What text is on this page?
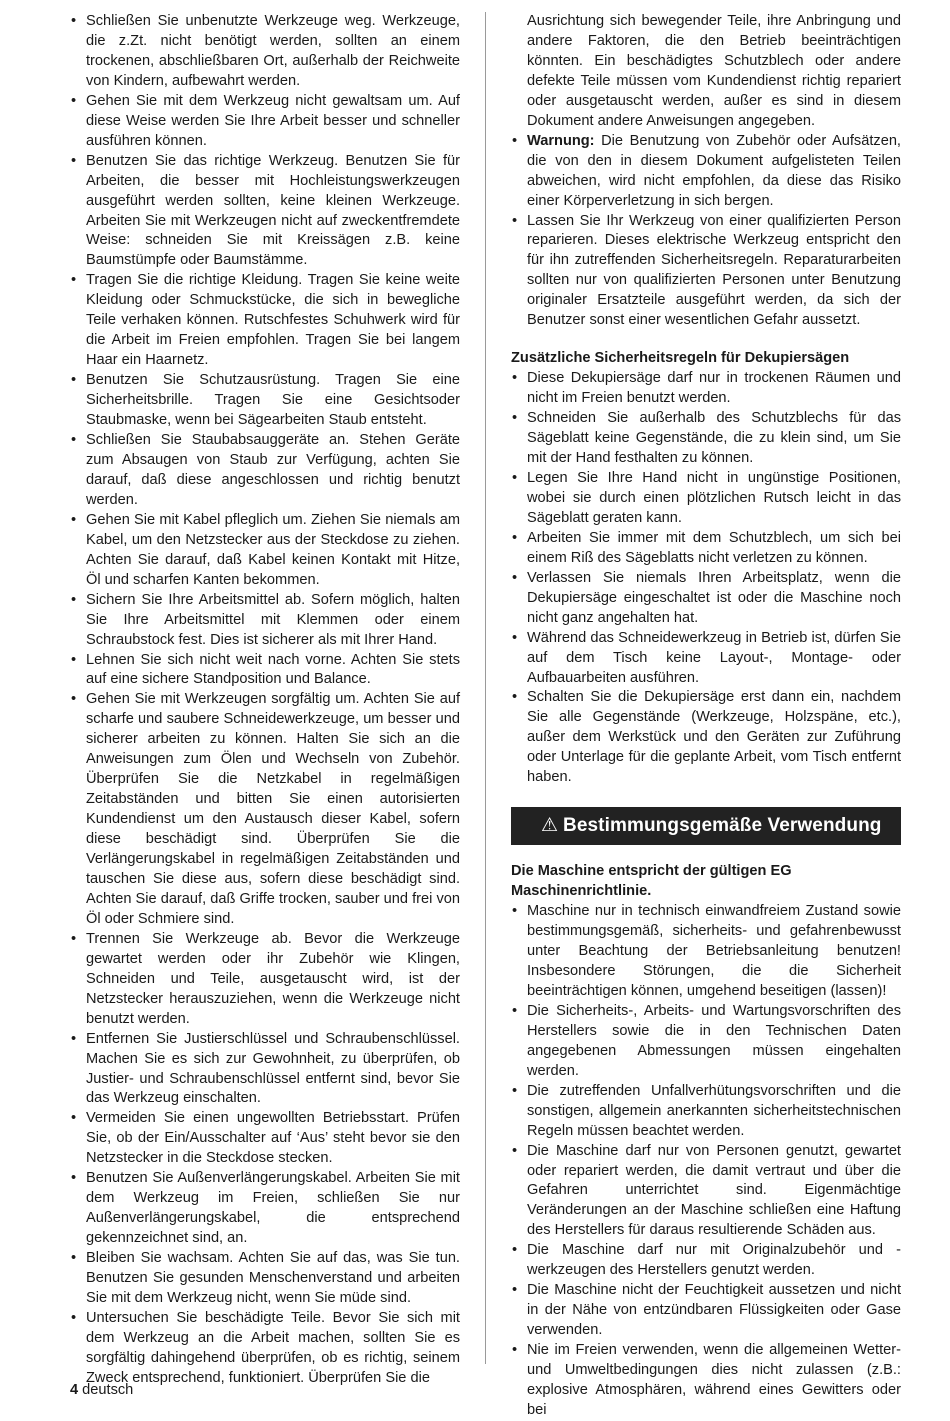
• Schließen Sie unbenutzte Werkzeuge weg. Werkzeuge, die z.Zt. nicht benötigt werden, sollten an einem trockenen, abschließbaren Ort, außerhalb der Reichweite von Kindern, aufbewahrt werden.
• Gehen Sie mit dem Werkzeug nicht gewaltsam um. Auf diese Weise werden Sie Ihre Arbeit besser und schneller ausführen können.
• Benutzen Sie das richtige Werkzeug. Benutzen Sie für Arbeiten, die besser mit Hochleistungswerkzeugen ausgeführt werden sollten, keine kleinen Werkzeuge. Arbeiten Sie mit Werkzeugen nicht auf zweckentfremdete Weise: schneiden Sie mit Kreissägen z.B. keine Baumstümpfe oder Baumstämme.
• Tragen Sie die richtige Kleidung. Tragen Sie keine weite Kleidung oder Schmuckstücke, die sich in bewegliche Teile verhaken können. Rutschfestes Schuhwerk wird für die Arbeit im Freien empfohlen. Tragen Sie bei langem Haar ein Haarnetz.
• Benutzen Sie Schutzausrüstung. Tragen Sie eine Sicherheitsbrille. Tragen Sie eine Gesichtsoder Staubmaske, wenn bei Sägearbeiten Staub entsteht.
• Schließen Sie Staubabsauggeräte an. Stehen Geräte zum Absaugen von Staub zur Verfügung, achten Sie darauf, daß diese angeschlossen und richtig benutzt werden.
• Gehen Sie mit Kabel pfleglich um. Ziehen Sie niemals am Kabel, um den Netzstecker aus der Steckdose zu ziehen. Achten Sie darauf, daß Kabel keinen Kontakt mit Hitze, Öl und scharfen Kanten bekommen.
• Sichern Sie Ihre Arbeitsmittel ab. Sofern möglich, halten Sie Ihre Arbeitsmittel mit Klemmen oder einem Schraubstock fest. Dies ist sicherer als mit Ihrer Hand.
• Lehnen Sie sich nicht weit nach vorne. Achten Sie stets auf eine sichere Standposition und Balance.
• Gehen Sie mit Werkzeugen sorgfältig um. Achten Sie auf scharfe und saubere Schneidewerkzeuge, um besser und sicherer arbeiten zu können. Halten Sie sich an die Anweisungen zum Ölen und Wechseln von Zubehör. Überprüfen Sie die Netzkabel in regelmäßigen Zeitabständen und bitten Sie einen autorisierten Kundendienst um den Austausch dieser Kabel, sofern diese beschädigt sind. Überprüfen Sie die Verlängerungskabel in regelmäßigen Zeitabständen und tauschen Sie diese aus, sofern diese beschädigt sind. Achten Sie darauf, daß Griffe trocken, sauber und frei von Öl oder Schmiere sind.
• Trennen Sie Werkzeuge ab. Bevor die Werkzeuge gewartet werden oder ihr Zubehör wie Klingen, Schneiden und Teile, ausgetauscht wird, ist der Netzstecker herauszuziehen, wenn die Werkzeuge nicht benutzt werden.
• Entfernen Sie Justierschlüssel und Schraubenschlüssel. Machen Sie es sich zur Gewohnheit, zu überprüfen, ob Justier- und Schraubenschlüssel entfernt sind, bevor Sie das Werkzeug einschalten.
• Vermeiden Sie einen ungewollten Betriebsstart. Prüfen Sie, ob der Ein/Ausschalter auf ‘Aus’ steht bevor sie den Netzstecker in die Steckdose stecken.
• Benutzen Sie Außenverlängerungskabel. Arbeiten Sie mit dem Werkzeug im Freien, schließen Sie nur Außenverlängerungskabel, die entsprechend gekennzeichnet sind, an.
• Bleiben Sie wachsam. Achten Sie auf das, was Sie tun. Benutzen Sie gesunden Menschenverstand und arbeiten Sie mit dem Werkzeug nicht, wenn Sie müde sind.
• Untersuchen Sie beschädigte Teile. Bevor Sie sich mit dem Werkzeug an die Arbeit machen, sollten Sie es sorgfältig dahingehend überprüfen, ob es richtig, seinem Zweck entsprechend, funktioniert. Überprüfen Sie die
Ausrichtung sich bewegender Teile, ihre Anbringung und andere Faktoren, die den Betrieb beeinträchtigen könnten. Ein beschädigtes Schutzblech oder andere defekte Teile müssen vom Kundendienst richtig repariert oder ausgetauscht werden, außer es sind in diesem Dokument andere Anweisungen angegeben.
• Warnung: Die Benutzung von Zubehör oder Aufsätzen, die von den in diesem Dokument aufgelisteten Teilen abweichen, wird nicht empfohlen, da diese das Risiko einer Körperverletzung in sich bergen.
• Lassen Sie Ihr Werkzeug von einer qualifizierten Person reparieren. Dieses elektrische Werkzeug entspricht den für ihn zutreffenden Sicherheitsregeln. Reparaturarbeiten sollten nur von qualifizierten Personen unter Benutzung originaler Ersatzteile ausgeführt werden, da sich der Benutzer sonst einer wesentlichen Gefahr aussetzt.

Zusätzliche Sicherheitsregeln für Dekupiersägen

• Diese Dekupiersäge darf nur in trockenen Räumen und nicht im Freien benutzt werden.
• Schneiden Sie außerhalb des Schutzblechs für das Sägeblatt keine Gegenstände, die zu klein sind, um Sie mit der Hand festhalten zu können.
• Legen Sie Ihre Hand nicht in ungünstige Positionen, wobei sie durch einen plötzlichen Rutsch leicht in das Sägeblatt geraten kann.
• Arbeiten Sie immer mit dem Schutzblech, um sich bei einem Riß des Sägeblatts nicht verletzen zu können.
• Verlassen Sie niemals Ihren Arbeitsplatz, wenn die Dekupiersäge eingeschaltet ist oder die Maschine noch nicht ganz angehalten hat.
• Während das Schneidewerkzeug in Betrieb ist, dürfen Sie auf dem Tisch keine Layout-, Montage- oder Aufbauarbeiten ausführen.
• Schalten Sie die Dekupiersäge erst dann ein, nachdem Sie alle Gegenstände (Werkzeuge, Holzspäne, etc.), außer dem Werkstück und den Geräten zur Zuführung oder Unterlage für die geplante Arbeit, vom Tisch entfernt haben.
⚠ Bestimmungsgemäße Verwendung

Die Maschine entspricht der gültigen EG Maschinenrichtlinie.

• Maschine nur in technisch einwandfreiem Zustand sowie bestimmungsgemäß, sicherheits- und gefahrenbewusst unter Beachtung der Betriebsanleitung benutzen! Insbesondere Störungen, die die Sicherheit beeinträchtigen können, umgehend beseitigen (lassen)!
• Die Sicherheits-, Arbeits- und Wartungsvorschriften des Herstellers sowie die in den Technischen Daten angegebenen Abmessungen müssen eingehalten werden.
• Die zutreffenden Unfallverhütungsvorschriften und die sonstigen, allgemein anerkannten sicherheitstechnischen Regeln müssen beachtet werden.
• Die Maschine darf nur von Personen genutzt, gewartet oder repariert werden, die damit vertraut und über die Gefahren unterrichtet sind. Eigenmächtige Veränderungen an der Maschine schließen eine Haftung des Herstellers für daraus resultierende Schäden aus.
• Die Maschine darf nur mit Originalzubehör und -werkzeugen des Herstellers genutzt werden.
• Die Maschine nicht der Feuchtigkeit aussetzen und nicht in der Nähe von entzündbaren Flüssigkeiten oder Gase verwenden.
• Nie im Freien verwenden, wenn die allgemeinen Wetter- und Umweltbedingungen dies nicht zulassen (z.B.: explosive Atmosphären, während eines Gewitters oder bei
4 deutsch
